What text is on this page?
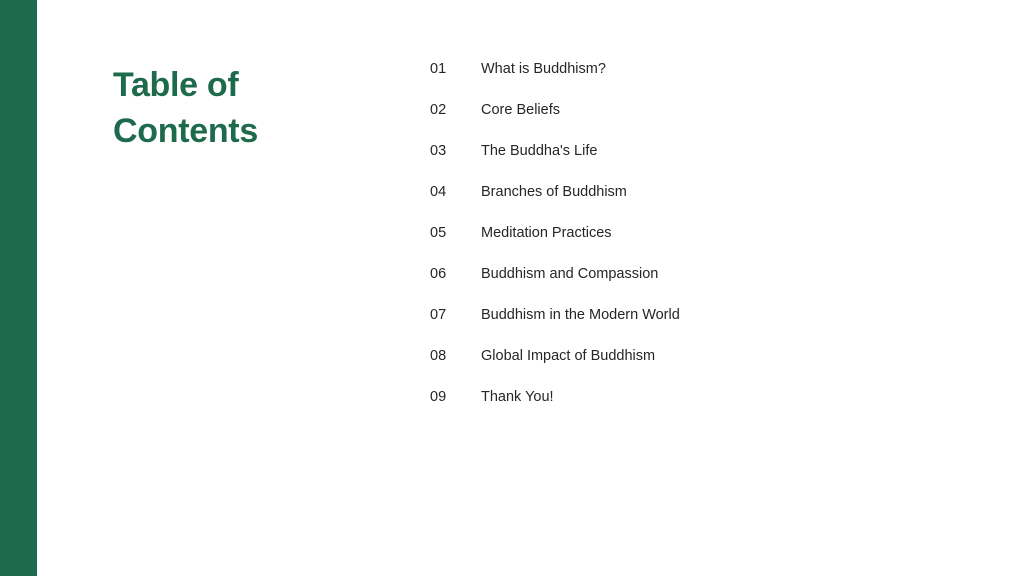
Table of
Contents
01	What is Buddhism?
02	Core Beliefs
03	The Buddha's Life
04	Branches of Buddhism
05	Meditation Practices
06	Buddhism and Compassion
07	Buddhism in the Modern World
08	Global Impact of Buddhism
09	Thank You!
